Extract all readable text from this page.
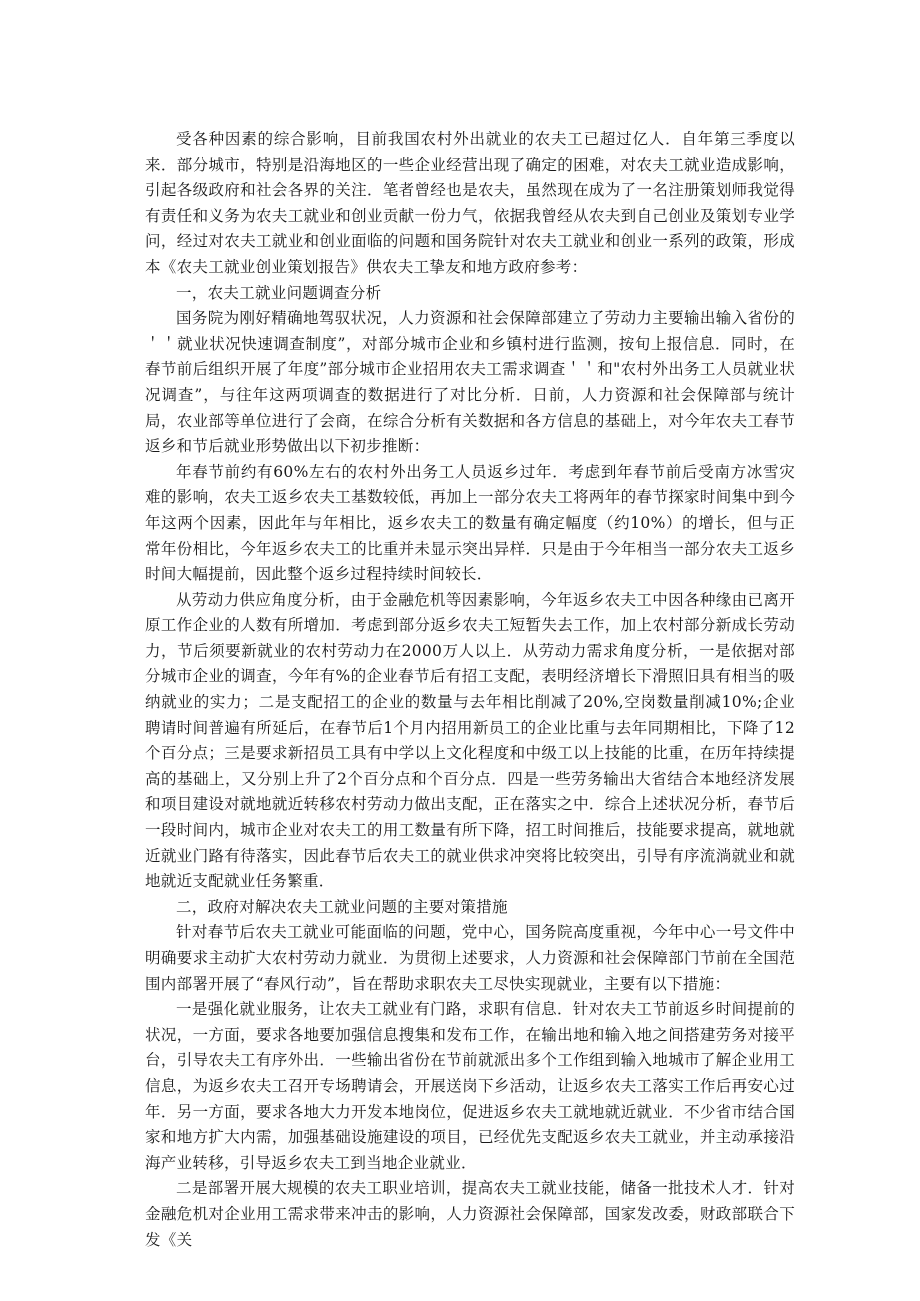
受各种因素的综合影响，目前我国农村外出就业的农夫工已超过亿人．自年第三季度以来．部分城市，特别是沿海地区的一些企业经营出现了确定的困难，对农夫工就业造成影响，引起各级政府和社会各界的关注．笔者曾经也是农夫，虽然现在成为了一名注册策划师我觉得有责任和义务为农夫工就业和创业贡献一份力气，依据我曾经从农夫到自己创业及策划专业学问，经过对农夫工就业和创业面临的问题和国务院针对农夫工就业和创业一系列的政策，形成本《农夫工就业创业策划报告》供农夫工挚友和地方政府参考：

一，农夫工就业问题调查分析

国务院为刚好精确地驾驭状况，人力资源和社会保障部建立了劳动力主要输出输入省份的＇＇就业状况快速调查制度”，对部分城市企业和乡镇村进行监测，按旬上报信息．同时，在春节前后组织开展了年度”部分城市企业招用农夫工需求调查＇＇和"农村外出务工人员就业状况调查”，与往年这两项调查的数据进行了对比分析．日前，人力资源和社会保障部与统计局，农业部等单位进行了会商，在综合分析有关数据和各方信息的基础上，对今年农夫工春节返乡和节后就业形势做出以下初步推断：

年春节前约有60%左右的农村外出务工人员返乡过年．考虑到年春节前后受南方冰雪灾难的影响，农夫工返乡农夫工基数较低，再加上一部分农夫工将两年的春节探家时间集中到今年这两个因素，因此年与年相比，返乡农夫工的数量有确定幅度（约10%）的增长，但与正常年份相比，今年返乡农夫工的比重并未显示突出异样．只是由于今年相当一部分农夫工返乡时间大幅提前，因此整个返乡过程持续时间较长．

从劳动力供应角度分析，由于金融危机等因素影响，今年返乡农夫工中因各种缘由已离开原工作企业的人数有所增加．考虑到部分返乡农夫工短暂失去工作，加上农村部分新成长劳动力，节后须要新就业的农村劳动力在2000万人以上．从劳动力需求角度分析，一是依据对部分城市企业的调查，今年有%的企业春节后有招工支配，表明经济增长下滑照旧具有相当的吸纳就业的实力；二是支配招工的企业的数量与去年相比削减了20%,空岗数量削减10%;企业聘请时间普遍有所延后，在春节后1个月内招用新员工的企业比重与去年同期相比，下降了12个百分点；三是要求新招员工具有中学以上文化程度和中级工以上技能的比重，在历年持续提高的基础上，又分别上升了2个百分点和个百分点．四是一些劳务输出大省结合本地经济发展和项目建设对就地就近转移农村劳动力做出支配，正在落实之中．综合上述状况分析，春节后一段时间内，城市企业对农夫工的用工数量有所下降，招工时间推后，技能要求提高，就地就近就业门路有待落实，因此春节后农夫工的就业供求冲突将比较突出，引导有序流淌就业和就地就近支配就业任务繁重．

二，政府对解决农夫工就业问题的主要对策措施

针对春节后农夫工就业可能面临的问题，党中心，国务院高度重视，今年中心一号文件中明确要求主动扩大农村劳动力就业．为贯彻上述要求，人力资源和社会保障部门节前在全国范围内部署开展了“春风行动”，旨在帮助求职农夫工尽快实现就业，主要有以下措施：

一是强化就业服务，让农夫工就业有门路，求职有信息．针对农夫工节前返乡时间提前的状况，一方面，要求各地要加强信息搜集和发布工作，在输出地和输入地之间搭建劳务对接平台，引导农夫工有序外出．一些输出省份在节前就派出多个工作组到输入地城市了解企业用工信息，为返乡农夫工召开专场聘请会，开展送岗下乡活动，让返乡农夫工落实工作后再安心过年．另一方面，要求各地大力开发本地岗位，促进返乡农夫工就地就近就业．不少省市结合国家和地方扩大内需，加强基础设施建设的项目，已经优先支配返乡农夫工就业，并主动承接沿海产业转移，引导返乡农夫工到当地企业就业．

二是部署开展大规模的农夫工职业培训，提高农夫工就业技能，储备一批技术人才．针对金融危机对企业用工需求带来冲击的影响，人力资源社会保障部，国家发改委，财政部联合下发《关
